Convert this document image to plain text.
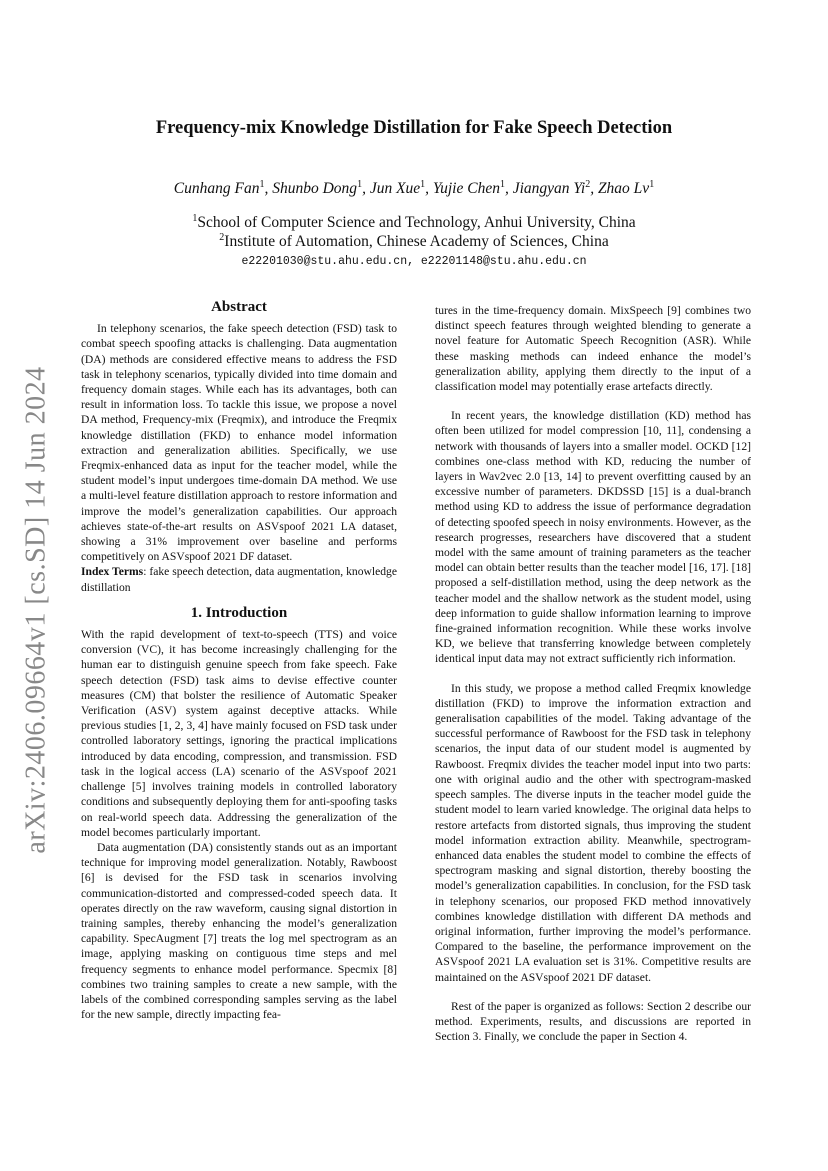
arXiv:2406.09664v1 [cs.SD] 14 Jun 2024
Frequency-mix Knowledge Distillation for Fake Speech Detection
Cunhang Fan$^1$, Shunbo Dong$^1$, Jun Xue$^1$, Yujie Chen$^1$, Jiangyan Yi$^2$, Zhao Lv$^1$
$^1$School of Computer Science and Technology, Anhui University, China
$^2$Institute of Automation, Chinese Academy of Sciences, China
e22201030@stu.ahu.edu.cn, e22201148@stu.ahu.edu.cn
Abstract

In telephony scenarios, the fake speech detection (FSD) task to combat speech spoofing attacks is challenging. Data augmentation (DA) methods are considered effective means to address the FSD task in telephony scenarios, typically divided into time domain and frequency domain stages. While each has its advantages, both can result in information loss. To tackle this issue, we propose a novel DA method, Frequency-mix (Freqmix), and introduce the Freqmix knowledge distillation (FKD) to enhance model information extraction and generalization abilities. Specifically, we use Freqmix-enhanced data as input for the teacher model, while the student model’s input undergoes time-domain DA method. We use a multi-level feature distillation approach to restore information and improve the model’s generalization capabilities. Our approach achieves state-of-the-art results on ASVspoof 2021 LA dataset, showing a 31% improvement over baseline and performs competitively on ASVspoof 2021 DF dataset.

Index Terms: fake speech detection, data augmentation, knowledge distillation

1. Introduction

With the rapid development of text-to-speech (TTS) and voice conversion (VC), it has become increasingly challenging for the human ear to distinguish genuine speech from fake speech. Fake speech detection (FSD) task aims to devise effective counter measures (CM) that bolster the resilience of Automatic Speaker Verification (ASV) system against deceptive attacks. While previous studies [1, 2, 3, 4] have mainly focused on FSD task under controlled laboratory settings, ignoring the practical implications introduced by data encoding, compression, and transmission. FSD task in the logical access (LA) scenario of the ASVspoof 2021 challenge [5] involves training models in controlled laboratory conditions and subsequently deploying them for anti-spoofing tasks on real-world speech data. Addressing the generalization of the model becomes particularly important.

Data augmentation (DA) consistently stands out as an important technique for improving model generalization. Notably, Rawboost [6] is devised for the FSD task in scenarios involving communication-distorted and compressed-coded speech data. It operates directly on the raw waveform, causing signal distortion in training samples, thereby enhancing the model’s generalization capability. SpecAugment [7] treats the log mel spectrogram as an image, applying masking on contiguous time steps and mel frequency segments to enhance model performance. Specmix [8] combines two training samples to create a new sample, with the labels of the combined corresponding samples serving as the label for the new sample, directly impacting fea-

tures in the time-frequency domain. MixSpeech [9] combines two distinct speech features through weighted blending to generate a novel feature for Automatic Speech Recognition (ASR). While these masking methods can indeed enhance the model’s generalization ability, applying them directly to the input of a classification model may potentially erase artefacts directly.

In recent years, the knowledge distillation (KD) method has often been utilized for model compression [10, 11], condensing a network with thousands of layers into a smaller model. OCKD [12] combines one-class method with KD, reducing the number of layers in Wav2vec 2.0 [13, 14] to prevent overfitting caused by an excessive number of parameters. DKDSSD [15] is a dual-branch method using KD to address the issue of performance degradation of detecting spoofed speech in noisy environments. However, as the research progresses, researchers have discovered that a student model with the same amount of training parameters as the teacher model can obtain better results than the teacher model [16, 17]. [18] proposed a self-distillation method, using the deep network as the teacher model and the shallow network as the student model, using deep information to guide shallow information learning to improve fine-grained information recognition. While these works involve KD, we believe that transferring knowledge between completely identical input data may not extract sufficiently rich information.

In this study, we propose a method called Freqmix knowledge distillation (FKD) to improve the information extraction and generalisation capabilities of the model. Taking advantage of the successful performance of Rawboost for the FSD task in telephony scenarios, the input data of our student model is augmented by Rawboost. Freqmix divides the teacher model input into two parts: one with original audio and the other with spectrogram-masked speech samples. The diverse inputs in the teacher model guide the student model to learn varied knowledge. The original data helps to restore artefacts from distorted signals, thus improving the student model information extraction ability. Meanwhile, spectrogram-enhanced data enables the student model to combine the effects of spectrogram masking and signal distortion, thereby boosting the model’s generalization capabilities. In conclusion, for the FSD task in telephony scenarios, our proposed FKD method innovatively combines knowledge distillation with different DA methods and original information, further improving the model’s performance. Compared to the baseline, the performance improvement on the ASVspoof 2021 LA evaluation set is 31%. Competitive results are maintained on the ASVspoof 2021 DF dataset.

Rest of the paper is organized as follows: Section 2 describe our method. Experiments, results, and discussions are reported in Section 3. Finally, we conclude the paper in Section 4.
